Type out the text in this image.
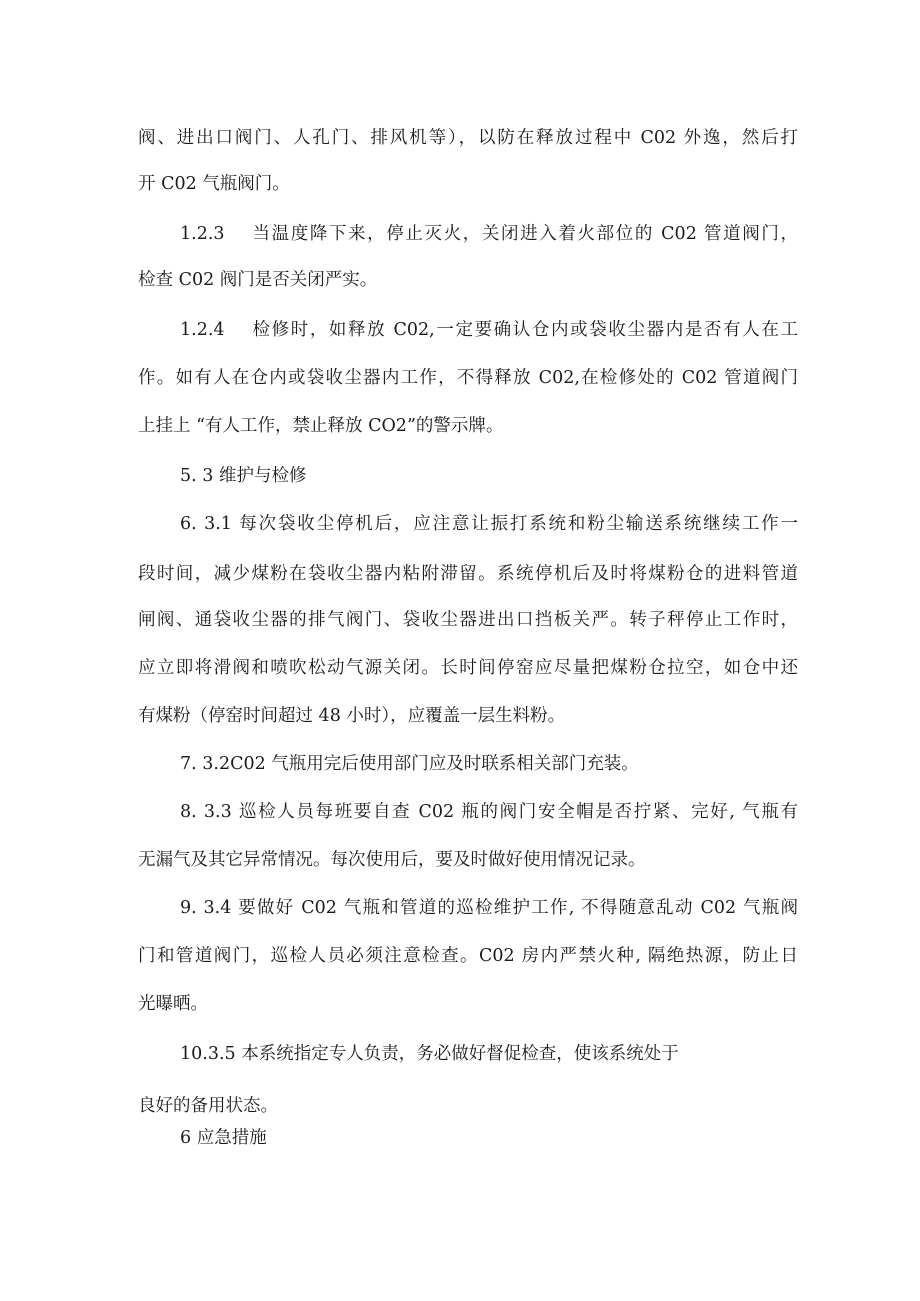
阀、进出口阀门、人孔门、排风机等），以防在释放过程中 C02 外逸，然后打
开 C02 气瓶阀门。
1.2.3　 当温度降下来，停止灭火，关闭进入着火部位的 C02 管道阀门，
检查 C02 阀门是否关闭严实。
1.2.4　 检修时，如释放 C02,一定要确认仓内或袋收尘器内是否有人在工
作。如有人在仓内或袋收尘器内工作，不得释放 C02,在检修处的 C02 管道阀门
上挂上 “有人工作，禁止释放 CO2”的警示牌。
5. 3 维护与检修
6. 3.1 每次袋收尘停机后，应注意让振打系统和粉尘输送系统继续工作一
段时间，减少煤粉在袋收尘器内粘附滞留。系统停机后及时将煤粉仓的进料管道
闸阀、通袋收尘器的排气阀门、袋收尘器进出口挡板关严。转子秤停止工作时，
应立即将滑阀和喷吹松动气源关闭。长时间停窑应尽量把煤粉仓拉空，如仓中还
有煤粉（停窑时间超过 48 小时），应覆盖一层生料粉。
7. 3.2C02 气瓶用完后使用部门应及时联系相关部门充装。
8. 3.3 巡检人员每班要自查 C02 瓶的阀门安全帽是否拧紧、完好, 气瓶有
无漏气及其它异常情况。每次使用后，要及时做好使用情况记录。
9. 3.4 要做好 C02 气瓶和管道的巡检维护工作, 不得随意乱动 C02 气瓶阀
门和管道阀门，巡检人员必须注意检查。C02 房内严禁火种, 隔绝热源，防止日
光曝晒。
10.3.5 本系统指定专人负责，务必做好督促检查，使该系统处于
良好的备用状态。
6 应急措施
